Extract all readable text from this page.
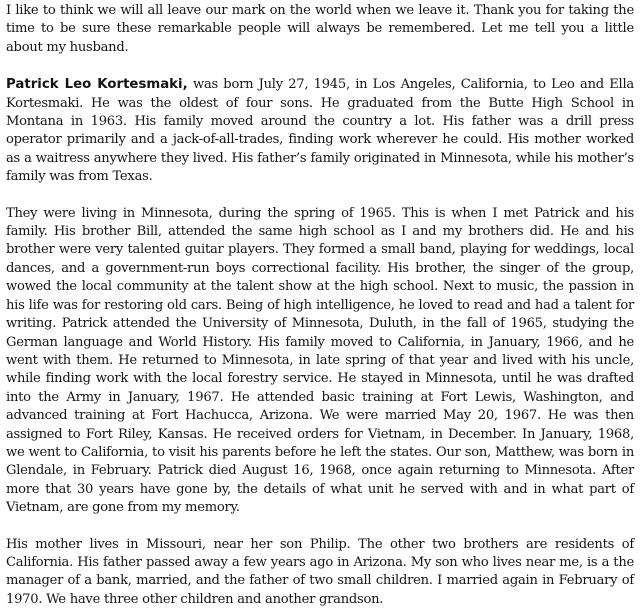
I like to think we will all leave our mark on the world when we leave it. Thank you for taking the time to be sure these remarkable people will always be remembered. Let me tell you a little about my husband.

Patrick Leo Kortesmaki, was born July 27, 1945, in Los Angeles, California, to Leo and Ella Kortesmaki. He was the oldest of four sons. He graduated from the Butte High School in Montana in 1963. His family moved around the country a lot. His father was a drill press operator primarily and a jack-of-all-trades, finding work wherever he could. His mother worked as a waitress anywhere they lived. His father’s family originated in Minnesota, while his mother’s family was from Texas.

They were living in Minnesota, during the spring of 1965. This is when I met Patrick and his family. His brother Bill, attended the same high school as I and my brothers did. He and his brother were very talented guitar players. They formed a small band, playing for weddings, local dances, and a government-run boys correctional facility. His brother, the singer of the group, wowed the local community at the talent show at the high school. Next to music, the passion in his life was for restoring old cars. Being of high intelligence, he loved to read and had a talent for writing. Patrick attended the University of Minnesota, Duluth, in the fall of 1965, studying the German language and World History. His family moved to California, in January, 1966, and he went with them. He returned to Minnesota, in late spring of that year and lived with his uncle, while finding work with the local forestry service. He stayed in Minnesota, until he was drafted into the Army in January, 1967. He attended basic training at Fort Lewis, Washington, and advanced training at Fort Hachucca, Arizona. We were married May 20, 1967. He was then assigned to Fort Riley, Kansas. He received orders for Vietnam, in December. In January, 1968, we went to California, to visit his parents before he left the states. Our son, Matthew, was born in Glendale, in February. Patrick died August 16, 1968, once again returning to Minnesota. After more that 30 years have gone by, the details of what unit he served with and in what part of Vietnam, are gone from my memory.

His mother lives in Missouri, near her son Philip. The other two brothers are residents of California. His father passed away a few years ago in Arizona. My son who lives near me, is a the manager of a bank, married, and the father of two small children. I married again in February of 1970. We have three other children and another grandson.
